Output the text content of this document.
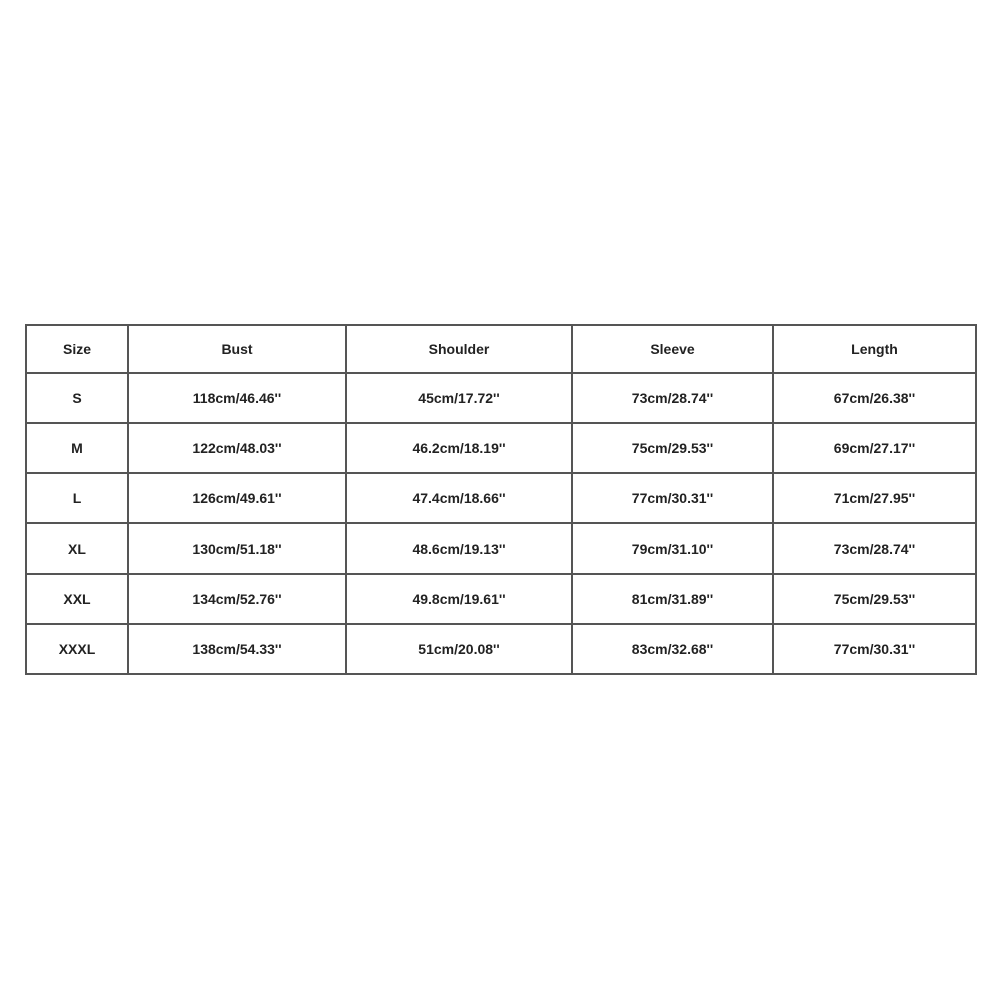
Size	Bust	Shoulder	Sleeve	Length
S	118cm/46.46''	45cm/17.72''	73cm/28.74''	67cm/26.38''
M	122cm/48.03''	46.2cm/18.19''	75cm/29.53''	69cm/27.17''
L	126cm/49.61''	47.4cm/18.66''	77cm/30.31''	71cm/27.95''
XL	130cm/51.18''	48.6cm/19.13''	79cm/31.10''	73cm/28.74''
XXL	134cm/52.76''	49.8cm/19.61''	81cm/31.89''	75cm/29.53''
XXXL	138cm/54.33''	51cm/20.08''	83cm/32.68''	77cm/30.31''
